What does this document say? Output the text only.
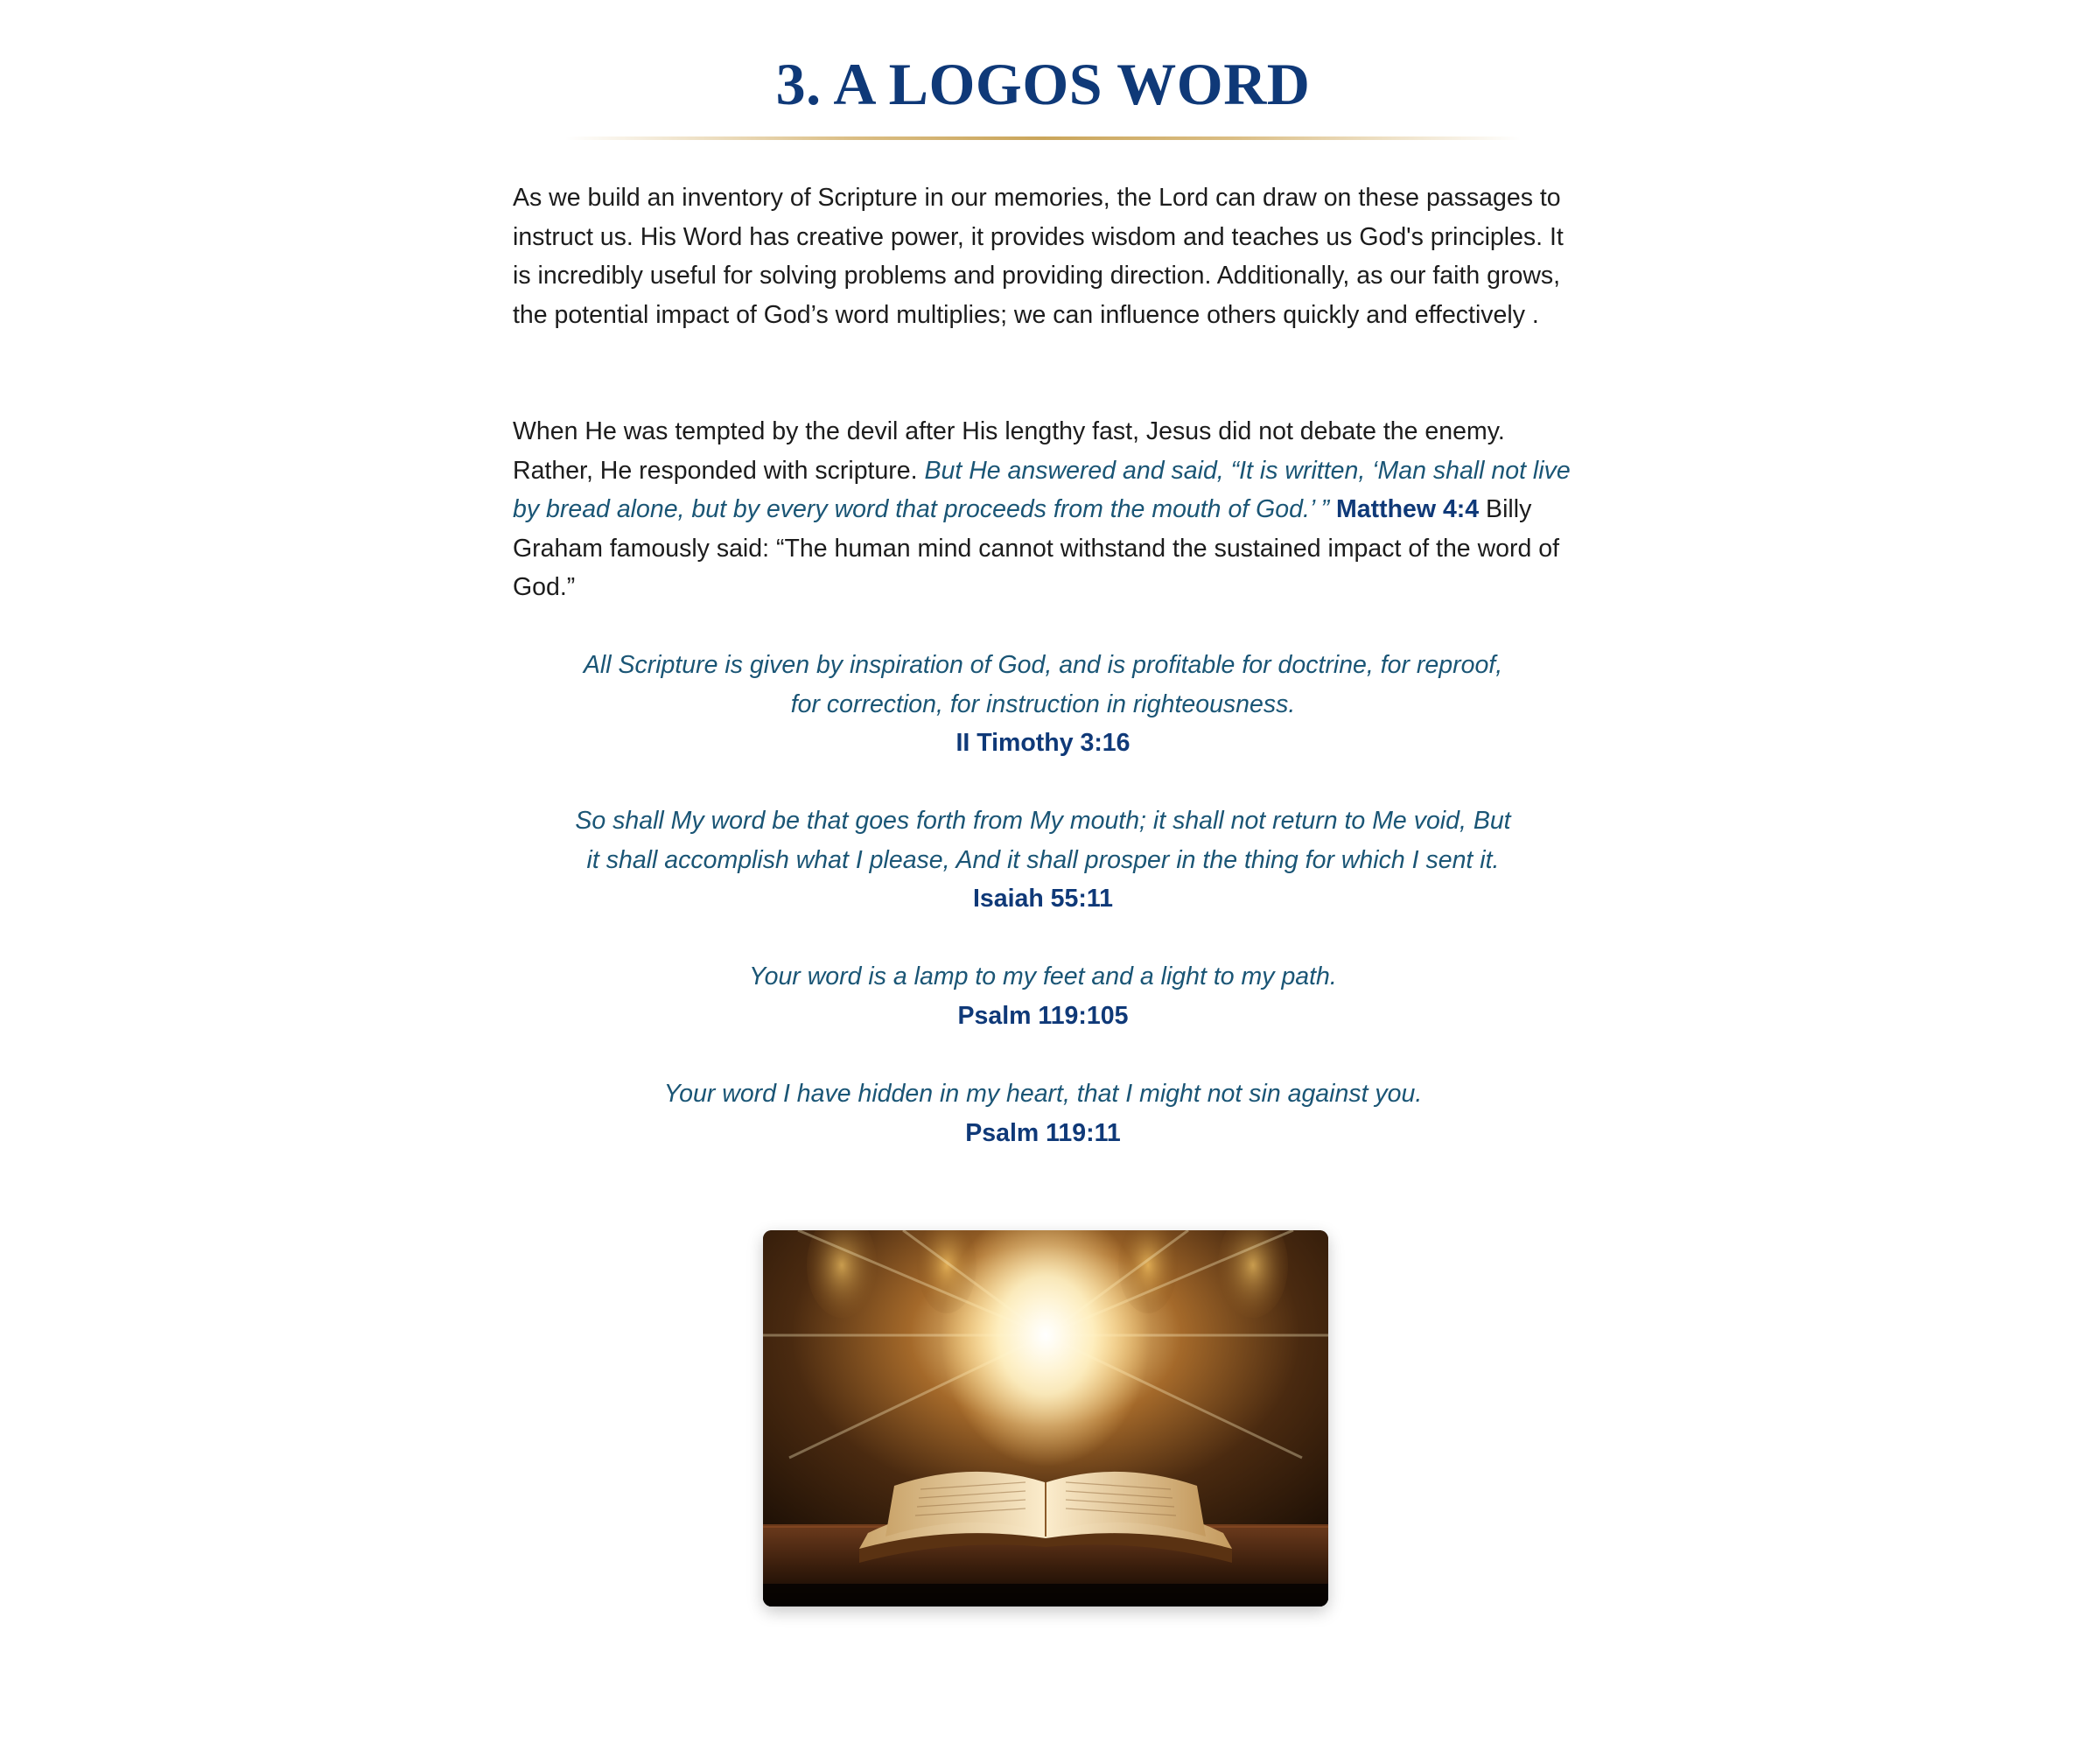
3. A LOGOS WORD

As we build an inventory of Scripture in our memories, the Lord can draw on these passages to instruct us. His Word has creative power, it provides wisdom and teaches us God's principles. It is incredibly useful for solving problems and providing direction. Additionally, as our faith grows, the potential impact of God’s word multiplies; we can influence others quickly and effectively .

When He was tempted by the devil after His lengthy fast, Jesus did not debate the enemy. Rather, He responded with scripture. But He answered and said, “It is written, ‘Man shall not live by bread alone, but by every word that proceeds from the mouth of God.’ ” Matthew 4:4 Billy Graham famously said: “The human mind cannot withstand the sustained impact of the word of God.”

All Scripture is given by inspiration of God, and is profitable for doctrine, for reproof,
for correction, for instruction in righteousness.
II Timothy 3:16
So shall My word be that goes forth from My mouth; it shall not return to Me void, But
it shall accomplish what I please, And it shall prosper in the thing for which I sent it.
Isaiah 55:11
Your word is a lamp to my feet and a light to my path.
Psalm 119:105
Your word I have hidden in my heart, that I might not sin against you.
Psalm 119:11
